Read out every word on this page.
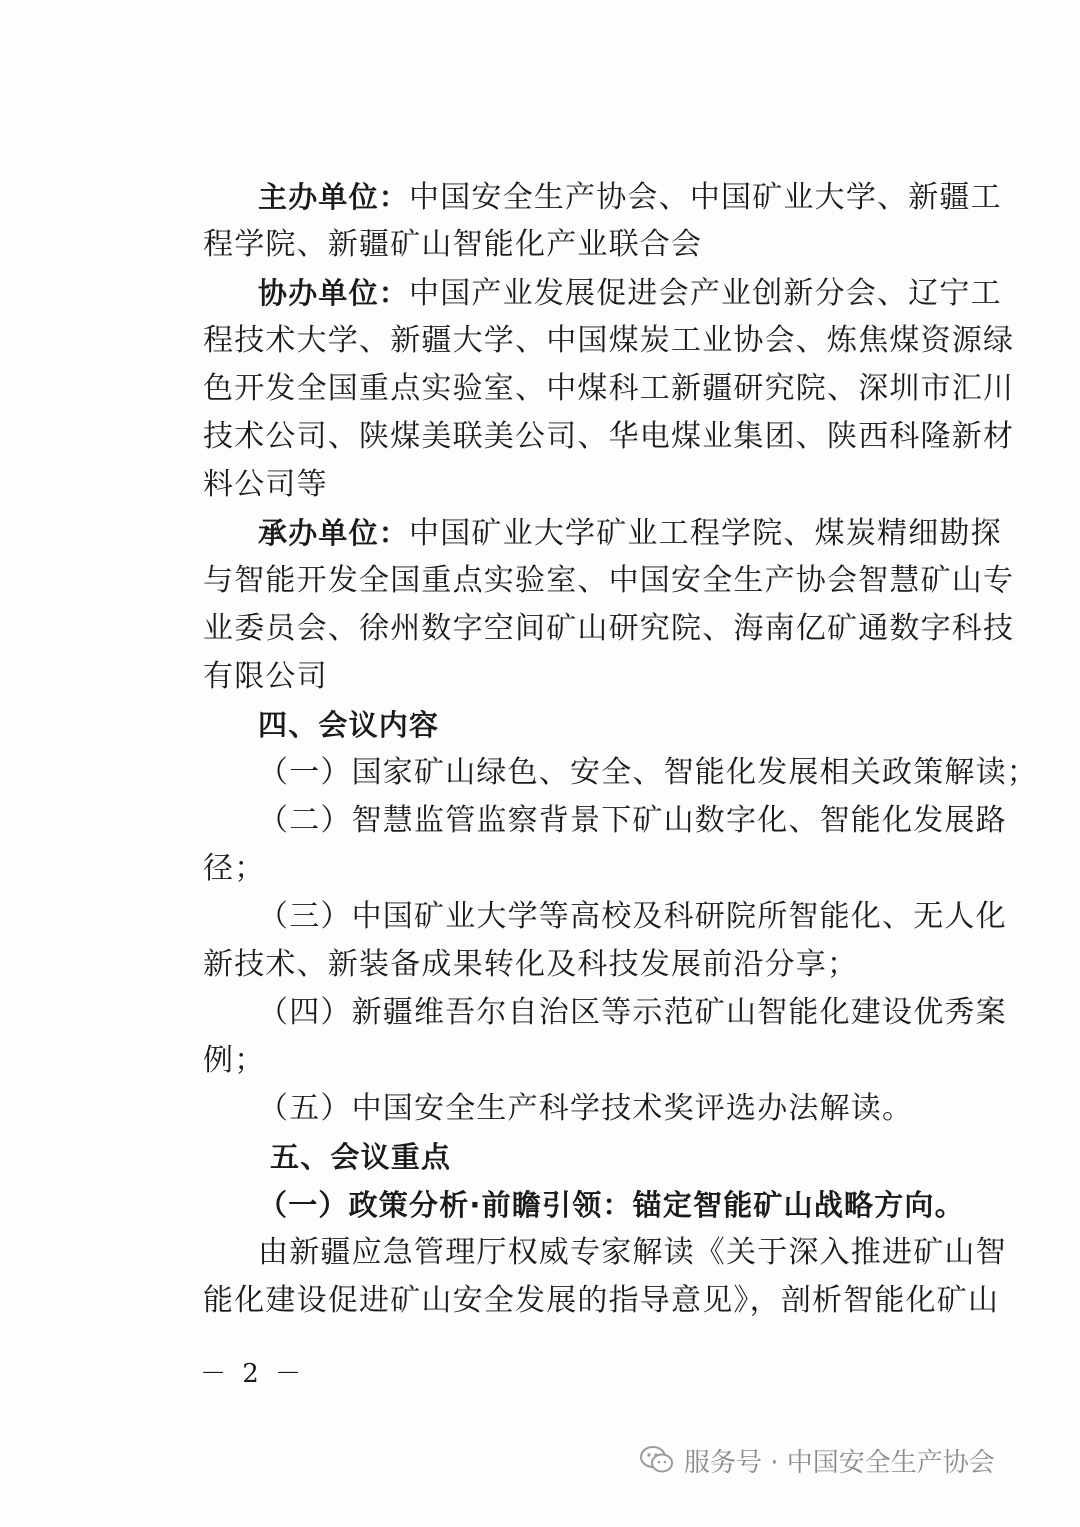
主办单位：中国安全生产协会、中国矿业大学、新疆工
程学院、新疆矿山智能化产业联合会
协办单位：中国产业发展促进会产业创新分会、辽宁工
程技术大学、新疆大学、中国煤炭工业协会、炼焦煤资源绿
色开发全国重点实验室、中煤科工新疆研究院、深圳市汇川
技术公司、陕煤美联美公司、华电煤业集团、陕西科隆新材
料公司等
承办单位：中国矿业大学矿业工程学院、煤炭精细勘探
与智能开发全国重点实验室、中国安全生产协会智慧矿山专
业委员会、徐州数字空间矿山研究院、海南亿矿通数字科技
有限公司
四、会议内容
（一）国家矿山绿色、安全、智能化发展相关政策解读；
（二）智慧监管监察背景下矿山数字化、智能化发展路
径；
（三）中国矿业大学等高校及科研院所智能化、无人化
新技术、新装备成果转化及科技发展前沿分享；
（四）新疆维吾尔自治区等示范矿山智能化建设优秀案
例；
（五）中国安全生产科学技术奖评选办法解读。
五、会议重点
（一）政策分析·前瞻引领：锚定智能矿山战略方向。
由新疆应急管理厅权威专家解读《关于深入推进矿山智
能化建设促进矿山安全发展的指导意见》，剖析智能化矿山
－ 2 －
服务号 · 中国安全生产协会
